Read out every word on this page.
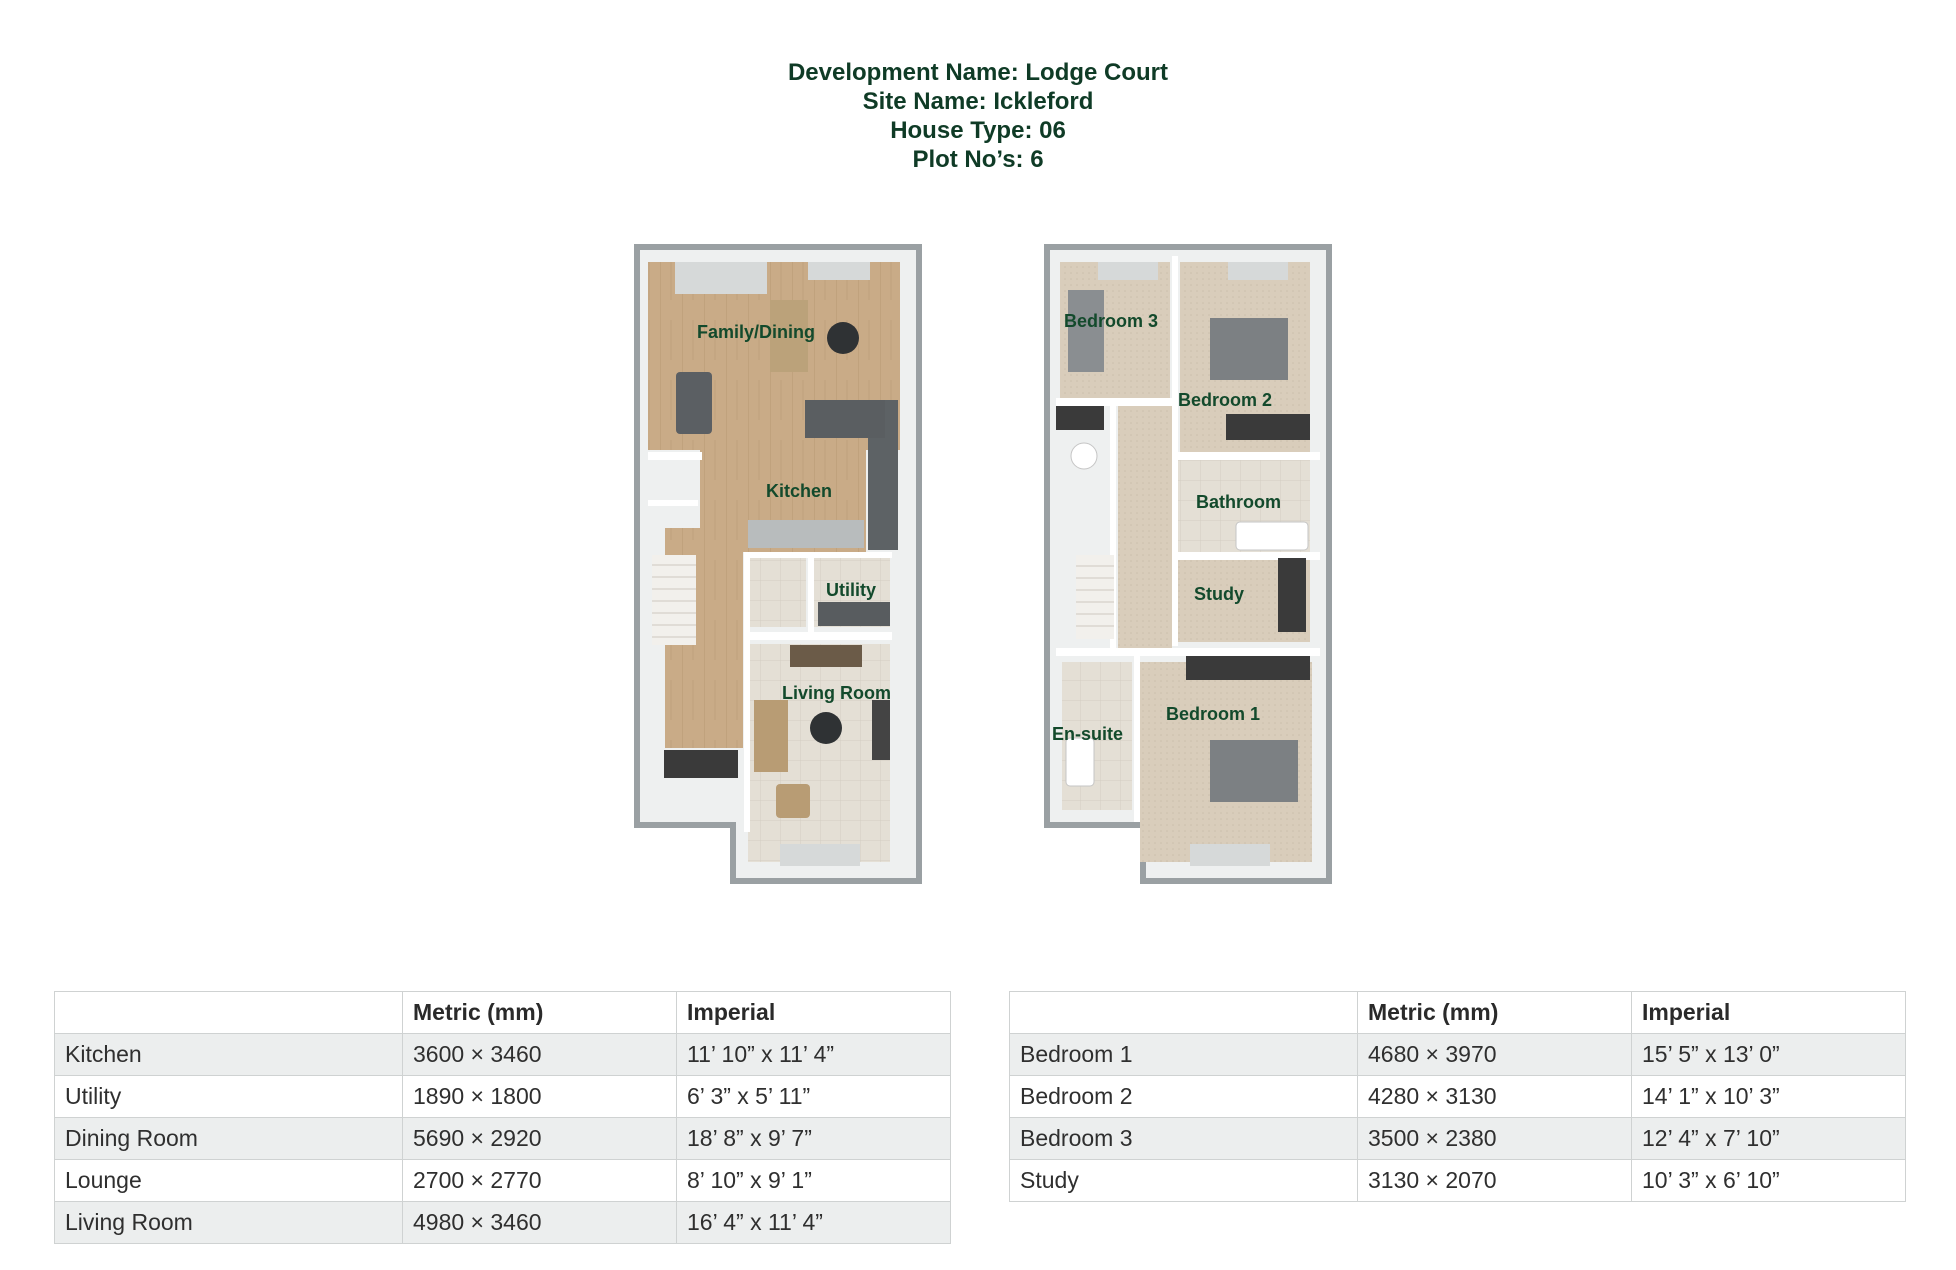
Development Name: Lodge Court
Site Name: Ickleford
House Type: 06
Plot No’s: 6
Family/Dining
Kitchen
Utility
Living Room
Bedroom 3
Bedroom 2
Bathroom
Study
En-suite
Bedroom 1
	Metric (mm)	Imperial
Kitchen	3600 × 3460	11’ 10” x 11’ 4”
Utility	1890 × 1800	6’ 3” x 5’ 11”
Dining Room	5690 × 2920	18’ 8” x 9’ 7”
Lounge	2700 × 2770	8’ 10” x 9’ 1”
Living Room	4980 × 3460	16’ 4” x 11’ 4”
	Metric (mm)	Imperial
Bedroom 1	4680 × 3970	15’ 5” x 13’ 0”
Bedroom 2	4280 × 3130	14’ 1” x 10’ 3”
Bedroom 3	3500 × 2380	12’ 4” x 7’ 10”
Study	3130 × 2070	10’ 3” x 6’ 10”
